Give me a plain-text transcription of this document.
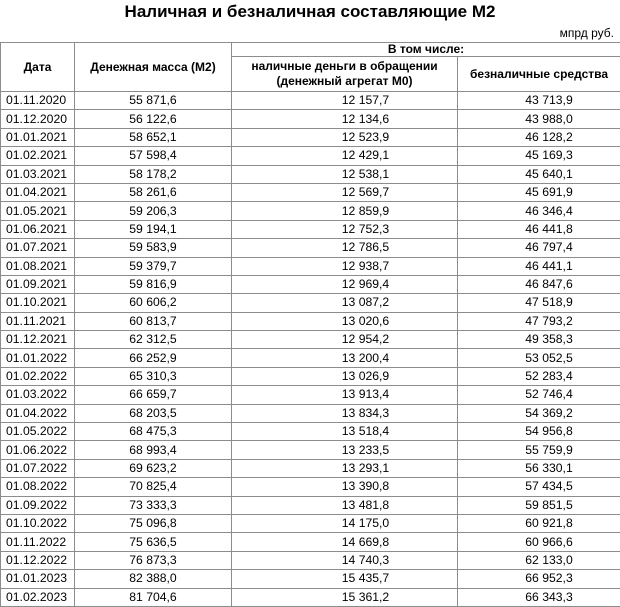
Наличная и безналичная составляющие М2
мпрд руб.
Дата	Денежная масса (М2)	В том числе:	
		наличные деньги в обращении (денежный агрегат М0)	безналичные средства
01.11.2020	55 871,6	12 157,7	43 713,9
01.12.2020	56 122,6	12 134,6	43 988,0
01.01.2021	58 652,1	12 523,9	46 128,2
01.02.2021	57 598,4	12 429,1	45 169,3
01.03.2021	58 178,2	12 538,1	45 640,1
01.04.2021	58 261,6	12 569,7	45 691,9
01.05.2021	59 206,3	12 859,9	46 346,4
01.06.2021	59 194,1	12 752,3	46 441,8
01.07.2021	59 583,9	12 786,5	46 797,4
01.08.2021	59 379,7	12 938,7	46 441,1
01.09.2021	59 816,9	12 969,4	46 847,6
01.10.2021	60 606,2	13 087,2	47 518,9
01.11.2021	60 813,7	13 020,6	47 793,2
01.12.2021	62 312,5	12 954,2	49 358,3
01.01.2022	66 252,9	13 200,4	53 052,5
01.02.2022	65 310,3	13 026,9	52 283,4
01.03.2022	66 659,7	13 913,4	52 746,4
01.04.2022	68 203,5	13 834,3	54 369,2
01.05.2022	68 475,3	13 518,4	54 956,8
01.06.2022	68 993,4	13 233,5	55 759,9
01.07.2022	69 623,2	13 293,1	56 330,1
01.08.2022	70 825,4	13 390,8	57 434,5
01.09.2022	73 333,3	13 481,8	59 851,5
01.10.2022	75 096,8	14 175,0	60 921,8
01.11.2022	75 636,5	14 669,8	60 966,6
01.12.2022	76 873,3	14 740,3	62 133,0
01.01.2023	82 388,0	15 435,7	66 952,3
01.02.2023	81 704,6	15 361,2	66 343,3
